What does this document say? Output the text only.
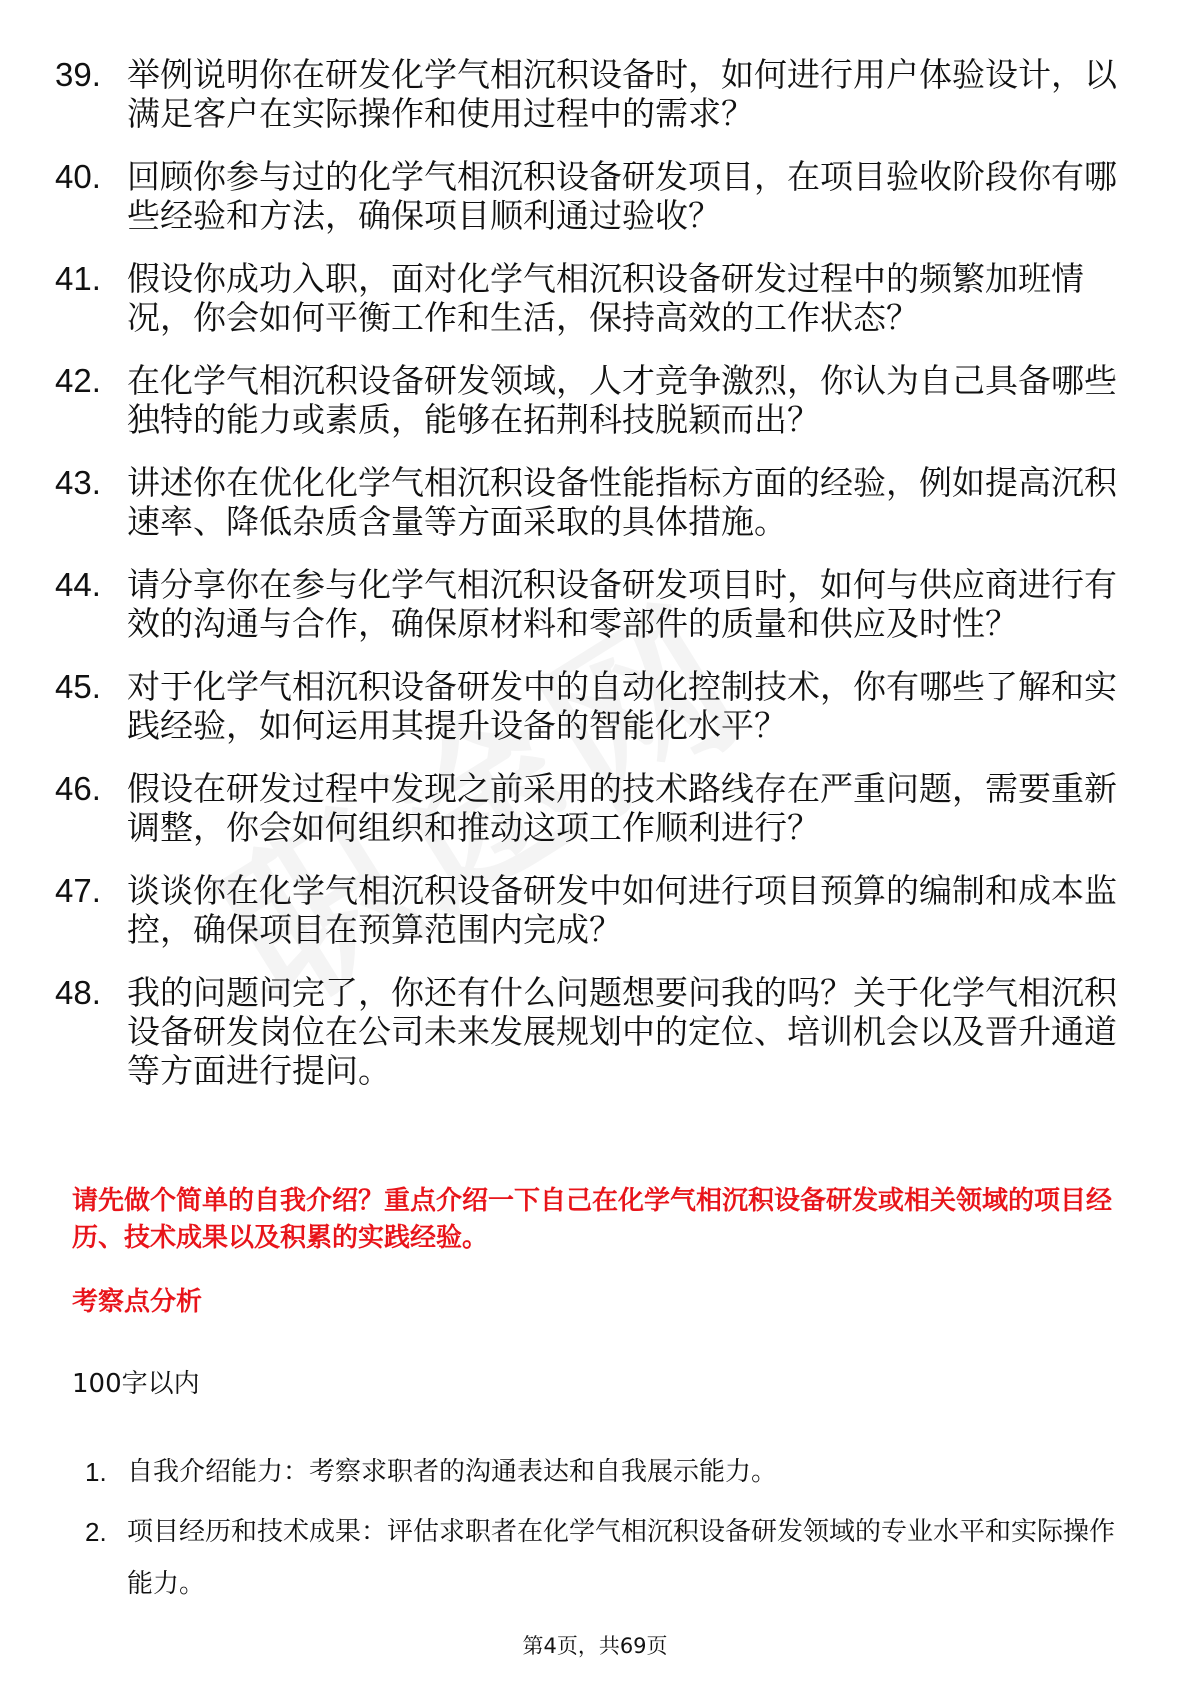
39. 举例说明你在研发化学气相沉积设备时，如何进行用户体验设计，以满足客户在实际操作和使用过程中的需求？
40. 回顾你参与过的化学气相沉积设备研发项目，在项目验收阶段你有哪些经验和方法，确保项目顺利通过验收？
41. 假设你成功入职，面对化学气相沉积设备研发过程中的频繁加班情况，你会如何平衡工作和生活，保持高效的工作状态？
42. 在化学气相沉积设备研发领域，人才竞争激烈，你认为自己具备哪些独特的能力或素质，能够在拓荆科技脱颖而出？
43. 讲述你在优化化学气相沉积设备性能指标方面的经验，例如提高沉积速率、降低杂质含量等方面采取的具体措施。
44. 请分享你在参与化学气相沉积设备研发项目时，如何与供应商进行有效的沟通与合作，确保原材料和零部件的质量和供应及时性？
45. 对于化学气相沉积设备研发中的自动化控制技术，你有哪些了解和实践经验，如何运用其提升设备的智能化水平？
46. 假设在研发过程中发现之前采用的技术路线存在严重问题，需要重新调整，你会如何组织和推动这项工作顺利进行？
47. 谈谈你在化学气相沉积设备研发中如何进行项目预算的编制和成本监控，确保项目在预算范围内完成？
48. 我的问题问完了，你还有什么问题想要问我的吗？关于化学气相沉积设备研发岗位在公司未来发展规划中的定位、培训机会以及晋升通道等方面进行提问。
请先做个简单的自我介绍？重点介绍一下自己在化学气相沉积设备研发或相关领域的项目经历、技术成果以及积累的实践经验。
考察点分析
100字以内
1. 自我介绍能力：考察求职者的沟通表达和自我展示能力。
2. 项目经历和技术成果：评估求职者在化学气相沉积设备研发领域的专业水平和实际操作能力。
第4页，共69页
